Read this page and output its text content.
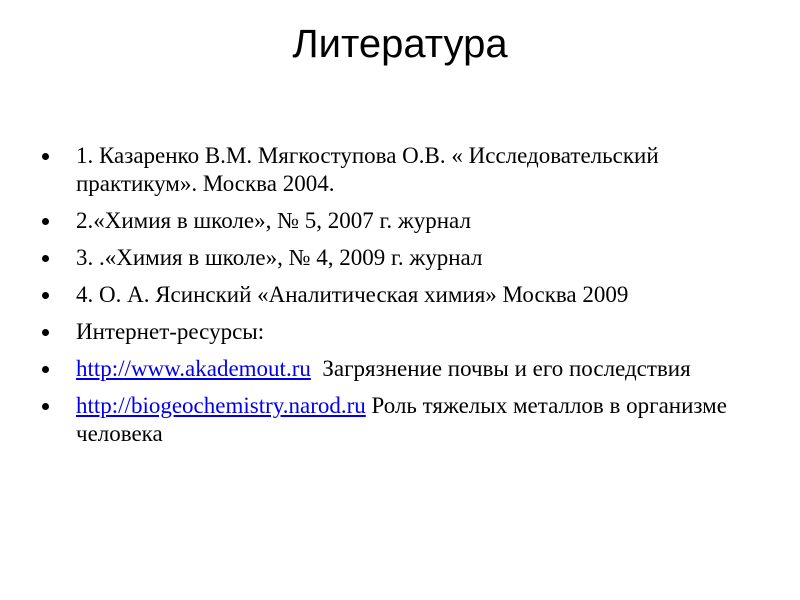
Литература
1. Казаренко В.М. Мягкоступова О.В. « Исследовательский практикум». Москва 2004.
2.«Химия в школе», № 5, 2007 г. журнал
3. .«Химия в школе», № 4, 2009 г. журнал
4. О. А. Ясинский «Аналитическая химия» Москва 2009
Интернет-ресурсы:
http://www.akademout.ru Загрязнение почвы и его последствия
http://biogeochemistry.narod.ru Роль тяжелых металлов в организме человека
